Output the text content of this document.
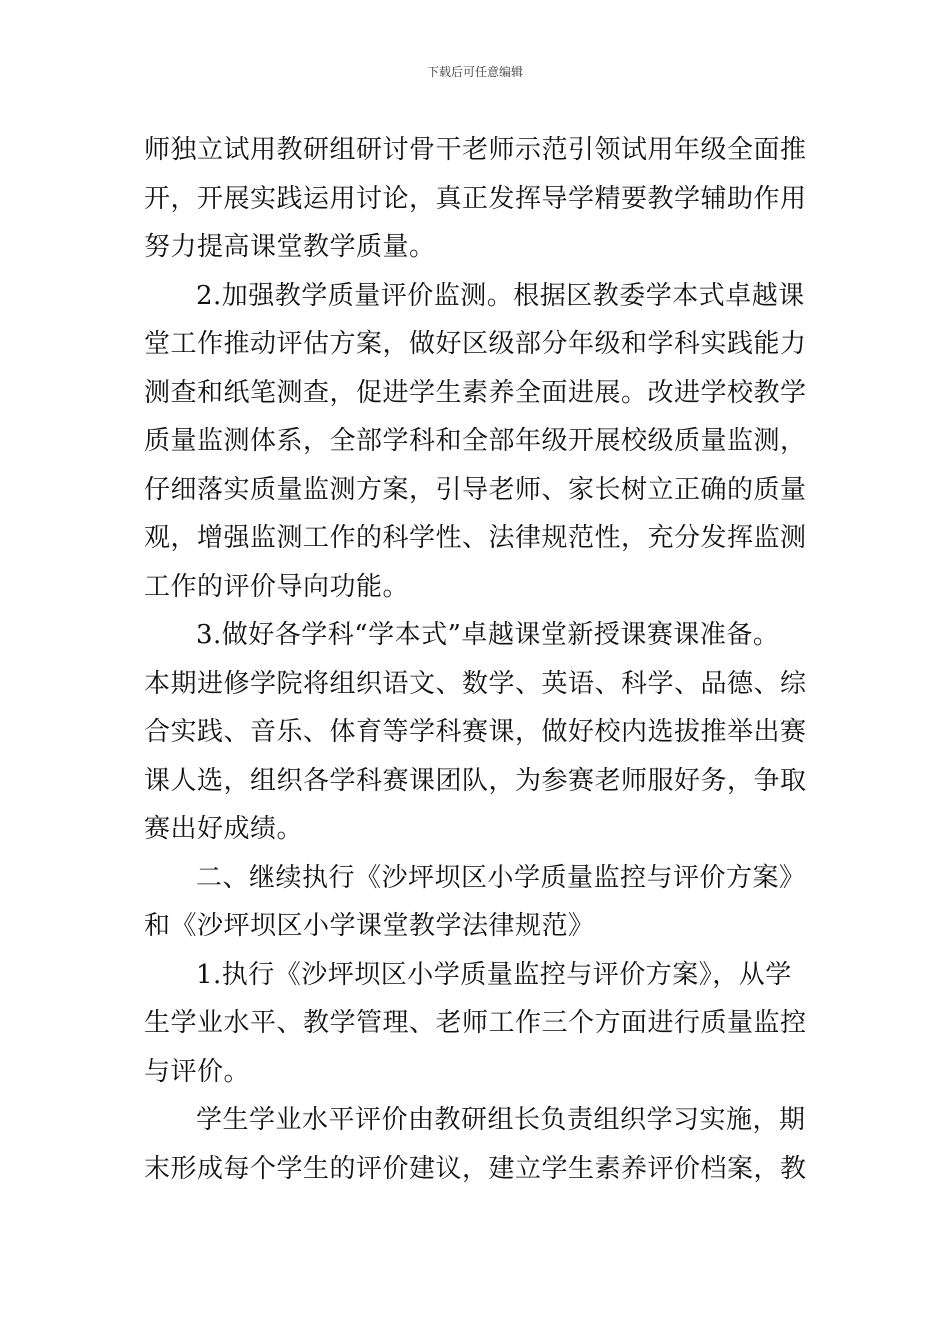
下载后可任意编辑

师独立试用教研组研讨骨干老师示范引领试用年级全面推
开，开展实践运用讨论，真正发挥导学精要教学辅助作用
努力提高课堂教学质量。

2.加强教学质量评价监测。根据区教委学本式卓越课
堂工作推动评估方案，做好区级部分年级和学科实践能力
测查和纸笔测查，促进学生素养全面进展。改进学校教学
质量监测体系，全部学科和全部年级开展校级质量监测，
仔细落实质量监测方案，引导老师、家长树立正确的质量
观，增强监测工作的科学性、法律规范性，充分发挥监测
工作的评价导向功能。

3.做好各学科“学本式”卓越课堂新授课赛课准备。
本期进修学院将组织语文、数学、英语、科学、品德、综
合实践、音乐、体育等学科赛课，做好校内选拔推举出赛
课人选，组织各学科赛课团队，为参赛老师服好务，争取
赛出好成绩。

二、继续执行《沙坪坝区小学质量监控与评价方案》
和《沙坪坝区小学课堂教学法律规范》

1.执行《沙坪坝区小学质量监控与评价方案》，从学
生学业水平、教学管理、老师工作三个方面进行质量监控
与评价。

学生学业水平评价由教研组长负责组织学习实施，期
末形成每个学生的评价建议，建立学生素养评价档案，教
